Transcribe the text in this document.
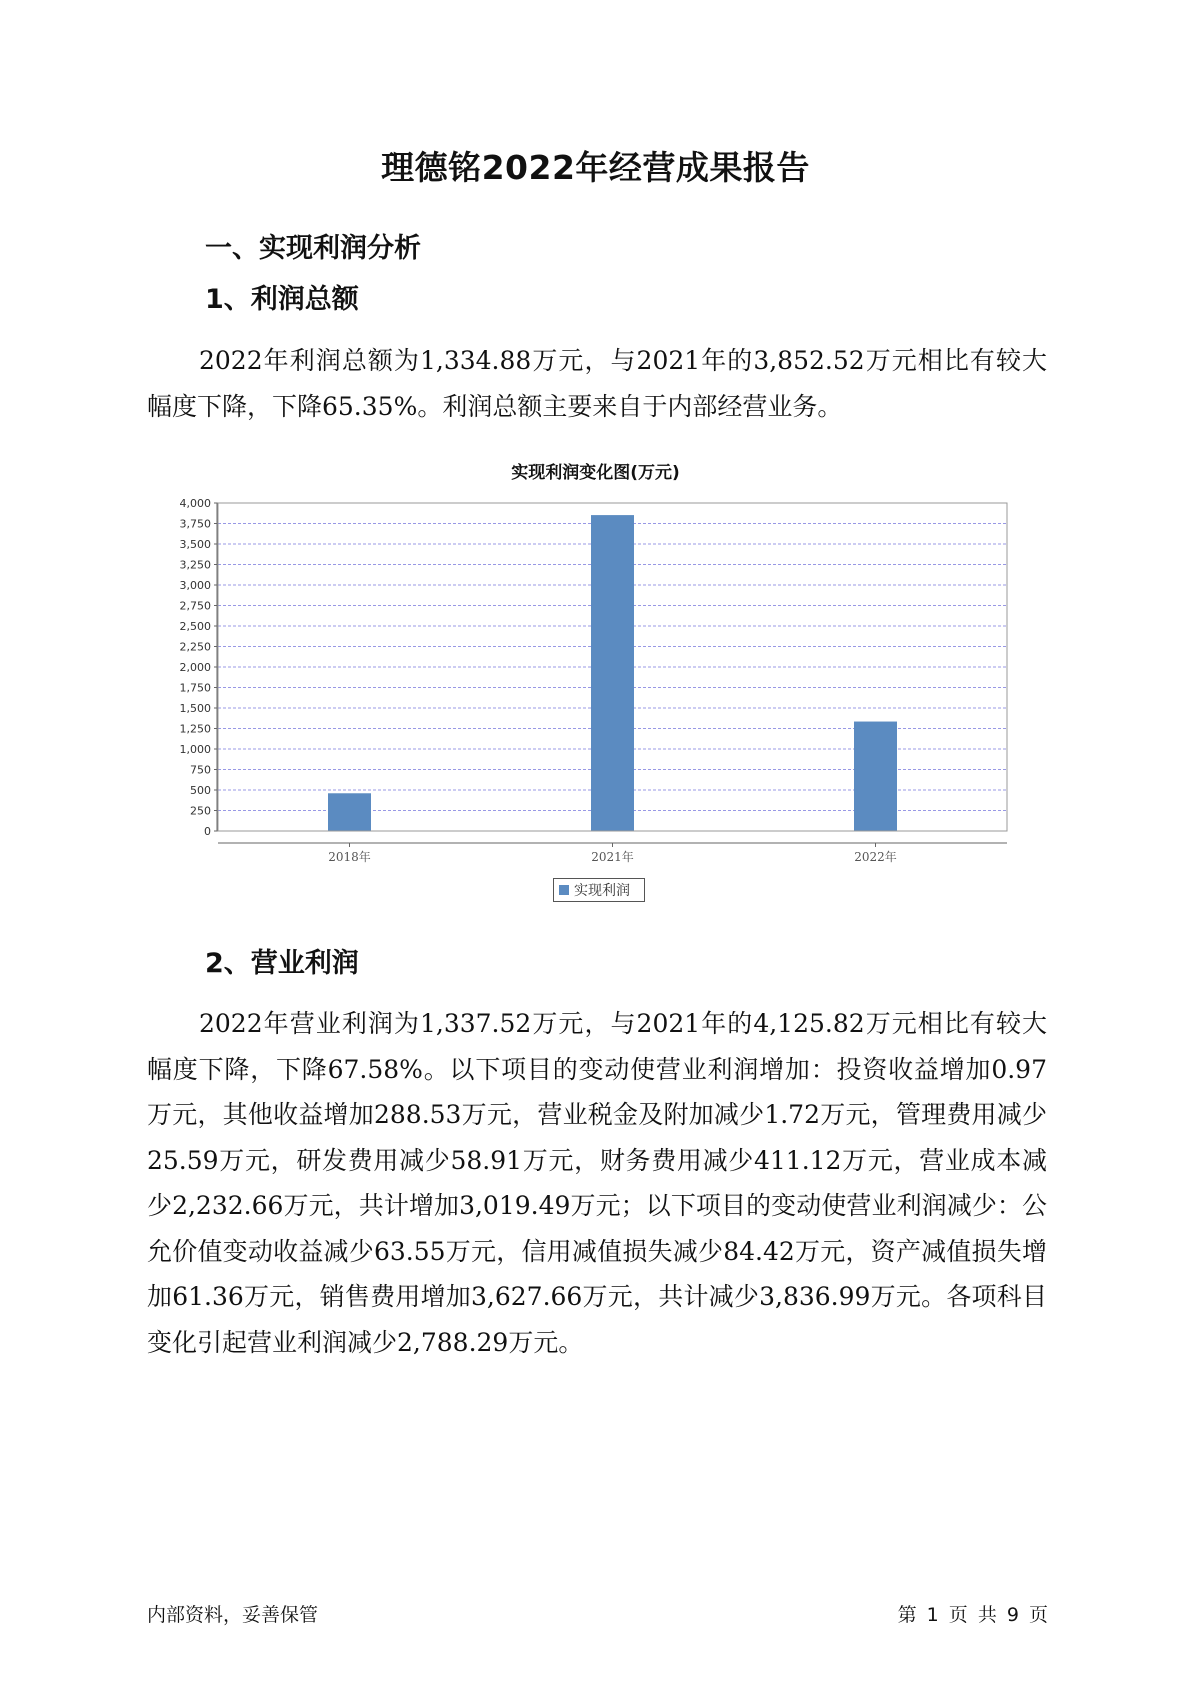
理德铭2022年经营成果报告
一、实现利润分析
1、利润总额

2022年利润总额为1,334.88万元，与2021年的3,852.52万元相比有较大幅度下降，下降65.35%。利润总额主要来自于内部经营业务。

实现利润变化图(万元)
0
250
500
750
1,000
1,250
1,500
1,750
2,000
2,250
2,500
2,750
3,000
3,250
3,500
3,750
4,000
2018年	2021年	2022年
实现利润
2、营业利润

2022年营业利润为1,337.52万元，与2021年的4,125.82万元相比有较大幅度下降，下降67.58%。以下项目的变动使营业利润增加：投资收益增加0.97万元，其他收益增加288.53万元，营业税金及附加减少1.72万元，管理费用减少25.59万元，研发费用减少58.91万元，财务费用减少411.12万元，营业成本减少2,232.66万元，共计增加3,019.49万元；以下项目的变动使营业利润减少：公允价值变动收益减少63.55万元，信用减值损失减少84.42万元，资产减值损失增加61.36万元，销售费用增加3,627.66万元，共计减少3,836.99万元。各项科目变化引起营业利润减少2,788.29万元。

内部资料，妥善保管	第 1 页 共 9 页
